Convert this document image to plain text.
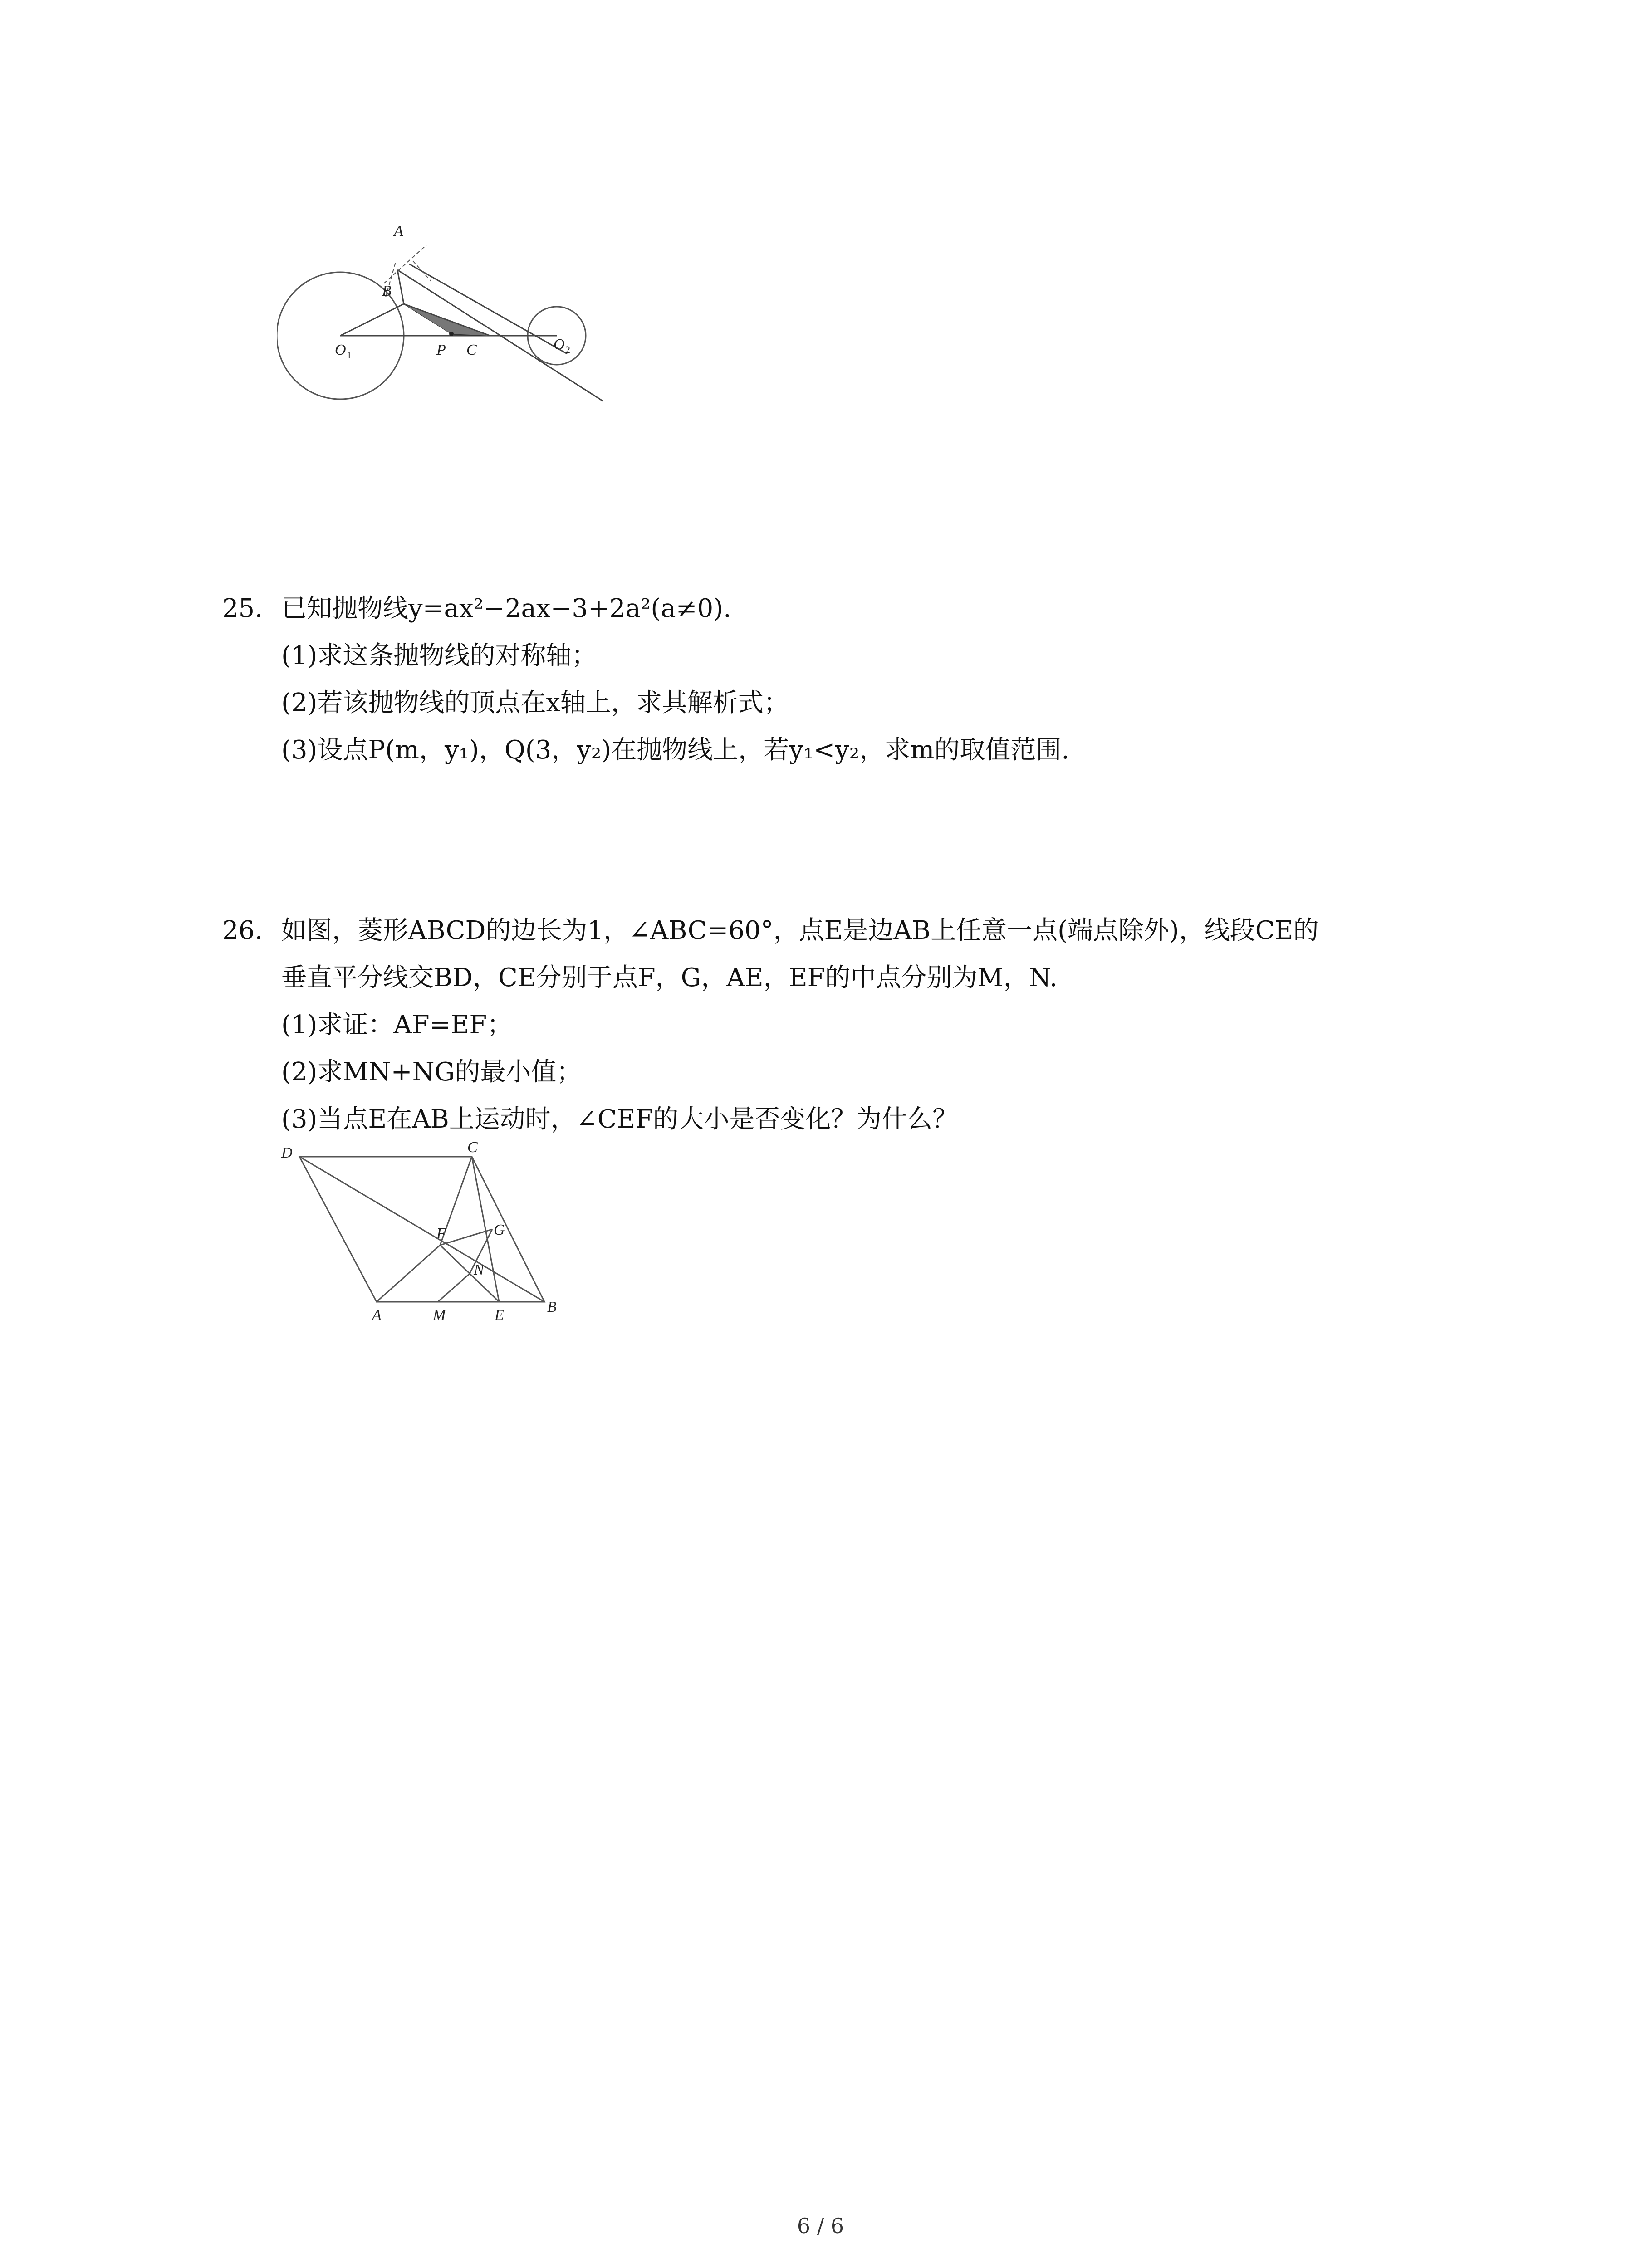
A
B
O 1	P C	O 2
25. 已知抛物线y=ax²−2ax−3+2a²(a≠0).
(1)求这条抛物线的对称轴；
(2)若该抛物线的顶点在x轴上，求其解析式；
(3)设点P(m，y₁)，Q(3，y₂)在抛物线上，若y₁<y₂，求m的取值范围.
26. 如图，菱形ABCD的边长为1，∠ABC=60°，点E是边AB上任意一点(端点除外)，线段CE的
垂直平分线交BD，CE分别于点F，G，AE，EF的中点分别为M，N.
(1)求证：AF=EF；
(2)求MN+NG的最小值；
(3)当点E在AB上运动时，∠CEF的大小是否变化？为什么？
D	C
F	G
N
A	M	E	B
6 / 6
